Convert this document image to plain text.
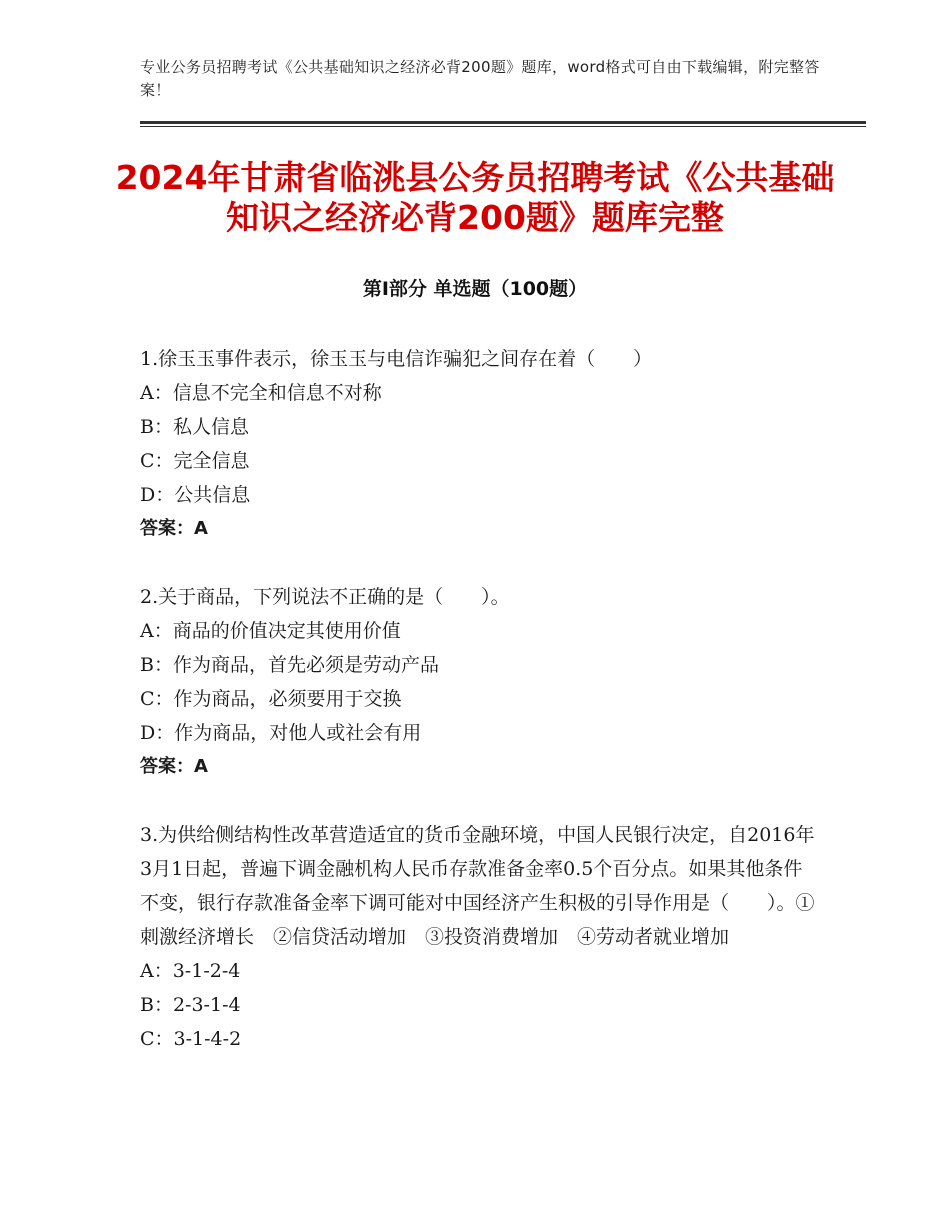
专业公务员招聘考试《公共基础知识之经济必背200题》题库，word格式可自由下载编辑，附完整答案！
2024年甘肃省临洮县公务员招聘考试《公共基础知识之经济必背200题》题库完整
第Ⅰ部分 单选题（100题）

1.徐玉玉事件表示，徐玉玉与电信诈骗犯之间存在着（　　）

A：信息不完全和信息不对称

B：私人信息

C：完全信息

D：公共信息

答案：A

2.关于商品，下列说法不正确的是（　　）。

A：商品的价值决定其使用价值

B：作为商品，首先必须是劳动产品

C：作为商品，必须要用于交换

D：作为商品，对他人或社会有用

答案：A

3.为供给侧结构性改革营造适宜的货币金融环境，中国人民银行决定，自2016年3月1日起，普遍下调金融机构人民币存款准备金率0.5个百分点。如果其他条件不变，银行存款准备金率下调可能对中国经济产生积极的引导作用是（　　）。①刺激经济增长　②信贷活动增加　③投资消费增加　④劳动者就业增加

A：3-1-2-4

B：2-3-1-4

C：3-1-4-2
